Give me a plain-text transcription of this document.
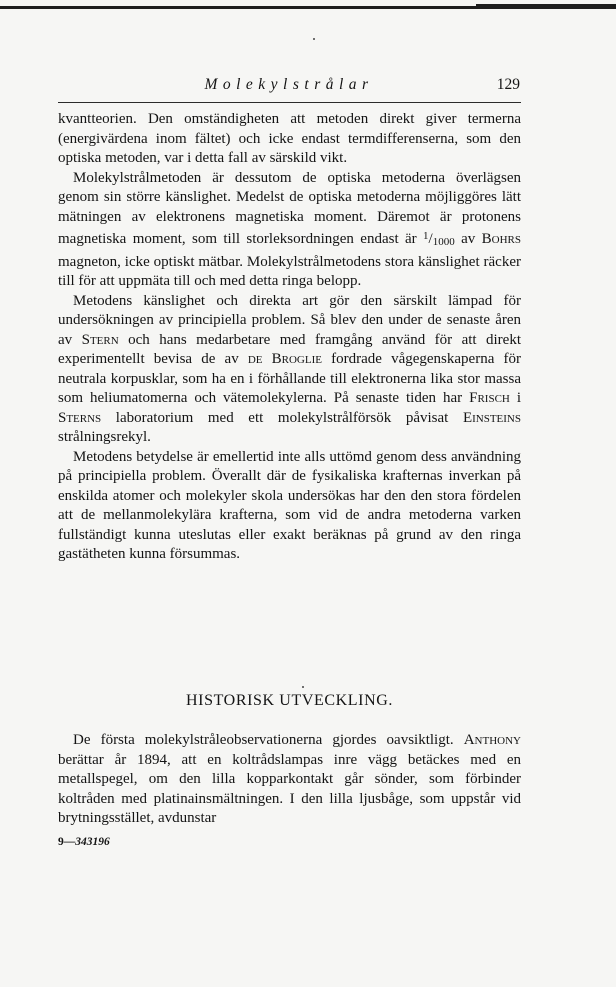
Molekylstrålar	129

kvantteorien. Den omständigheten att metoden direkt giver termerna (energivärdena inom fältet) och icke endast termdifferenserna, som den optiska metoden, var i detta fall av särskild vikt.

Molekylstrålmetoden är dessutom de optiska metoderna överlägsen genom sin större känslighet. Medelst de optiska metoderna möjliggöres lätt mätningen av elektronens magnetiska moment. Däremot är protonens magnetiska moment, som till storleksordningen endast är $^1$/1000 av Bohrs magneton, icke optiskt mätbar. Molekylstrålmetodens stora känslighet räcker till för att uppmäta till och med detta ringa belopp.

Metodens känslighet och direkta art gör den särskilt lämpad för undersökningen av principiella problem. Så blev den under de senaste åren av Stern och hans medarbetare med framgång använd för att direkt experimentellt bevisa de av de Broglie fordrade vågegenskaperna för neutrala korpusklar, som ha en i förhållande till elektronerna lika stor massa som heliumatomerna och vätemolekylerna. På senaste tiden har Frisch i Sterns laboratorium med ett molekylstrålförsök påvisat Einsteins strålningsrekyl.

Metodens betydelse är emellertid inte alls uttömd genom dess användning på principiella problem. Överallt där de fysikaliska krafternas inverkan på enskilda atomer och molekyler skola undersökas har den den stora fördelen att de mellanmolekylära krafterna, som vid de andra metoderna varken fullständigt kunna uteslutas eller exakt beräknas på grund av den ringa gastätheten kunna försummas.

HISTORISK UTVECKLING.

De första molekylstråleobservationerna gjordes oavsiktligt. Anthony berättar år 1894, att en koltrådslampas inre vägg betäckes med en metallspegel, om den lilla kopparkontakt går sönder, som förbinder koltråden med platinainsmältningen. I den lilla ljusbåge, som uppstår vid brytningsstället, avdunstar

9—343196
